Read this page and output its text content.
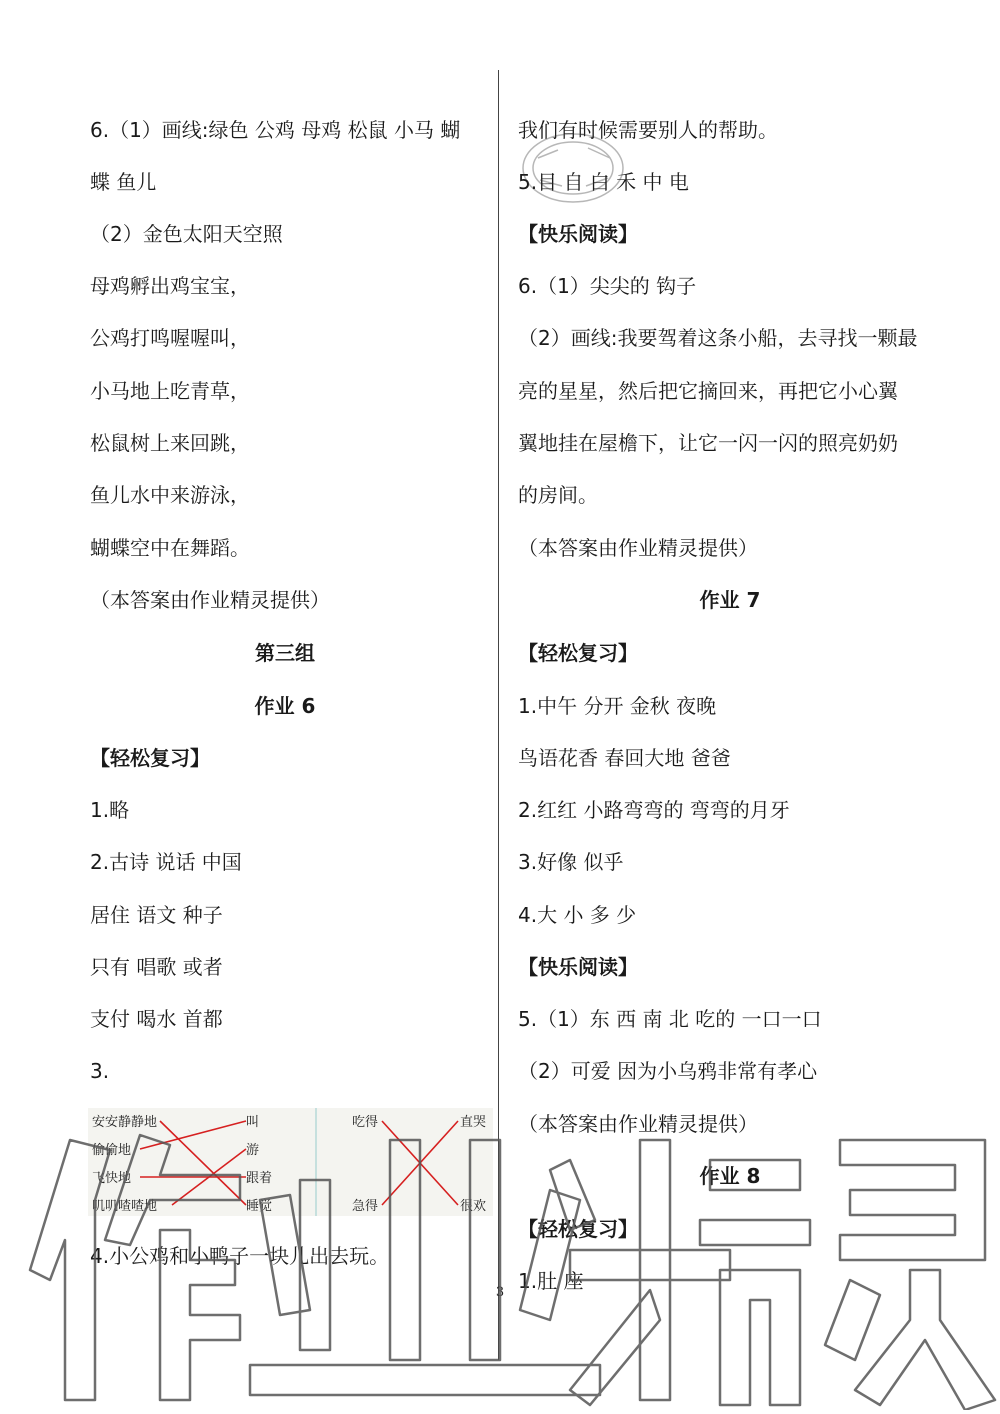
6.（1）画线:绿色 公鸡 母鸡 松鼠 小马 蝴
蝶 鱼儿
（2）金色太阳天空照
母鸡孵出鸡宝宝，
公鸡打鸣喔喔叫，
小马地上吃青草，
松鼠树上来回跳，
鱼儿水中来游泳，
蝴蝶空中在舞蹈。
（本答案由作业精灵提供）
第三组
作业 6
【轻松复习】
1.略
2.古诗 说话 中国
居住 语文 种子
只有 唱歌 或者
支付 喝水 首都
3.
安安静静地
偷偷地
飞快地
叽叽喳喳地
叫
游
跟着
睡觉
吃得
急得
直哭
很欢
4.小公鸡和小鸭子一块儿出去玩。
我们有时候需要别人的帮助。
5.目 自 白 禾 中 电
【快乐阅读】
6.（1）尖尖的 钩子
（2）画线:我要驾着这条小船，去寻找一颗最
亮的星星，然后把它摘回来，再把它小心翼
翼地挂在屋檐下，让它一闪一闪的照亮奶奶
的房间。
（本答案由作业精灵提供）
作业 7
【轻松复习】
1.中午 分开 金秋 夜晚
鸟语花香 春回大地 爸爸
2.红红 小路弯弯的 弯弯的月牙
3.好像 似乎
4.大 小 多 少
【快乐阅读】
5.（1）东 西 南 北 吃的 一口一口
（2）可爱 因为小乌鸦非常有孝心
（本答案由作业精灵提供）
作业 8
【轻松复习】
1.肚 座
3
